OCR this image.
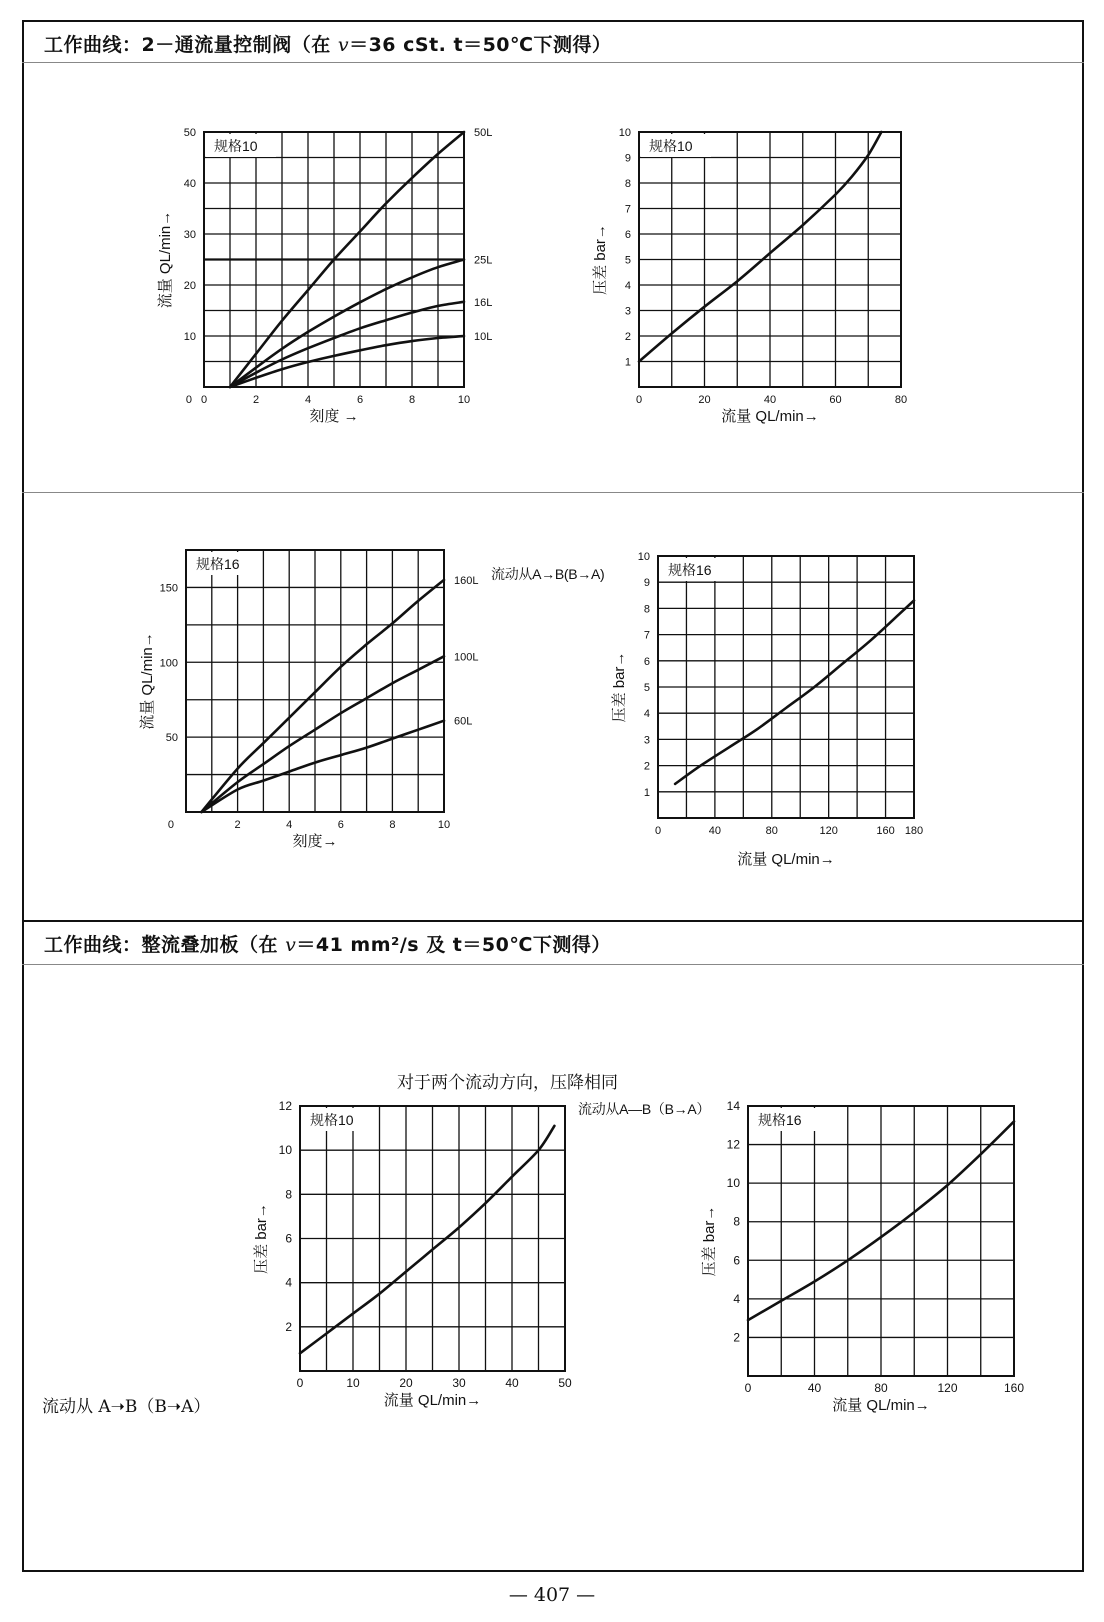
工作曲线：2－通流量控制阀（在 v＝36 cSt. t＝50℃下测得）
工作曲线：整流叠加板（在 v＝41 mm²/s 及 t＝50℃下测得）
规格10
0	2	4	6	8	10
10
20
30
40
50
0
刻度 →
流量 QL/min→
50L
25L
16L
10L
规格10
0	20	40	60	80
1
2
3
4
5
6
7
8
9
10
流量 QL/min→
压差 bar→
规格16
2	4	6	8	10
50
100
150
0
刻度→
流量 QL/min→
160L
100L
60L
规格16
0	40	80	120	160 180
1
2
3
4
5
6
7
8
9
10
流量 QL/min→
压差 bar→
规格10
0	10	20	30	40	50
2
4
6
8
10
12
流量 QL/min→
压差 bar→
规格16
0	40	80	120	160
2
4
6
8
10
12
14
流量 QL/min→
压差 bar→
流动从A→B(B→A)
对于两个流动方向，压降相同
流动从A—B（B→A）
流动从 A➝B（B➝A）
— 407 —
